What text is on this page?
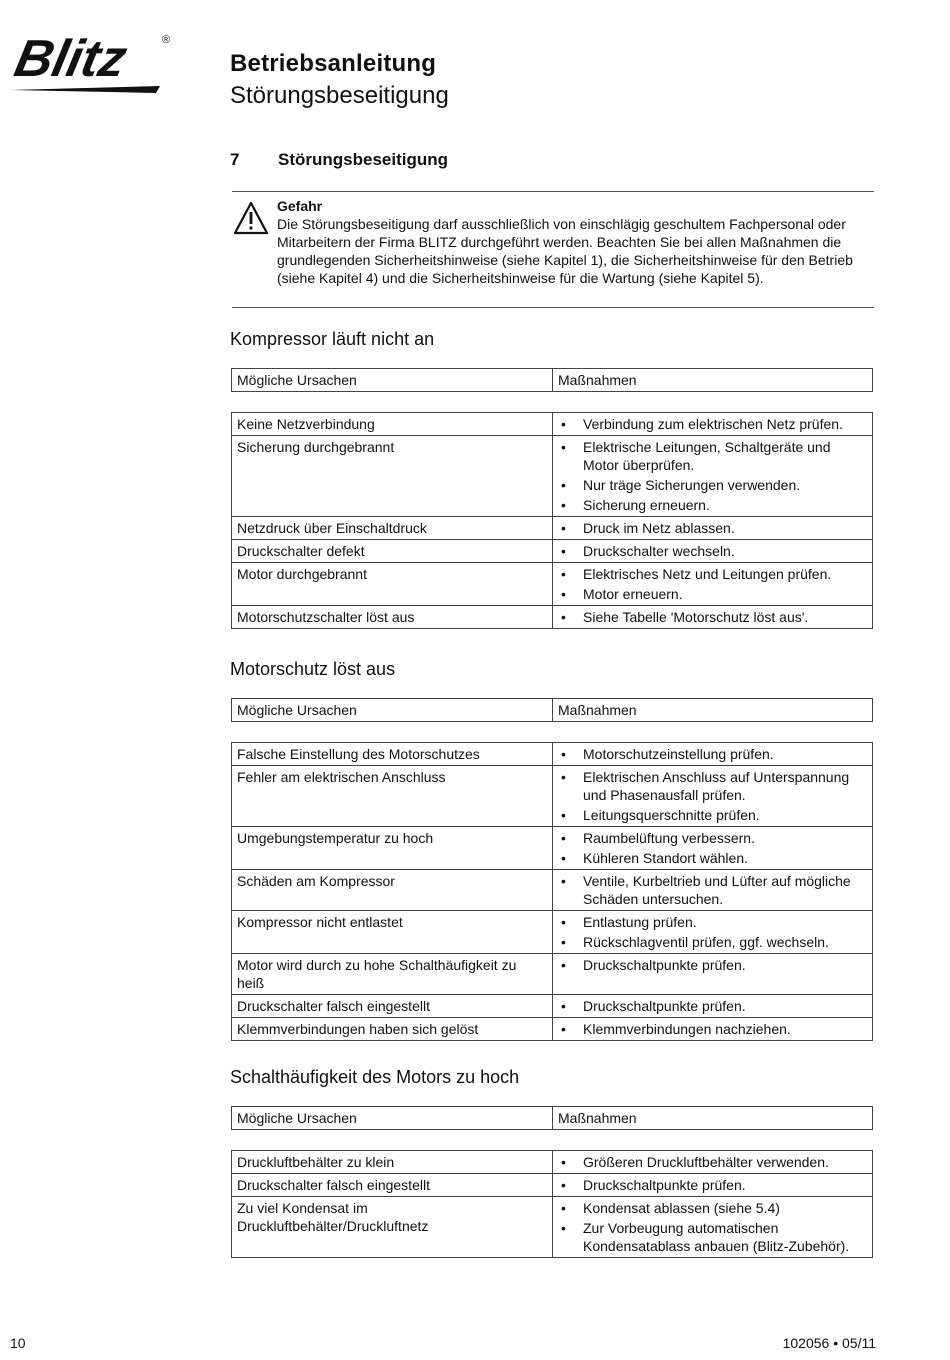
Blitz	®
Betriebsanleitung
Störungsbeseitigung
7 Störungsbeseitigung
Gefahr
Die Störungsbeseitigung darf ausschließlich von einschlägig geschultem Fachpersonal oder Mitarbeitern der Firma BLITZ durchgeführt werden. Beachten Sie bei allen Maßnahmen die grundlegenden Sicherheitshinweise (siehe Kapitel 1), die Sicherheitshinweise für den Betrieb (siehe Kapitel 4) und die Sicherheitshinweise für die Wartung (siehe Kapitel 5).
Kompressor läuft nicht an
Mögliche Ursachen	Maßnahmen
Keine Netzverbindung	• Verbindung zum elektrischen Netz prüfen.

Sicherung durchgebrannt	• Elektrische Leitungen, Schaltgeräte und Motor überprüfen.
• Nur träge Sicherungen verwenden.
• Sicherung erneuern.

Netzdruck über Einschaltdruck	• Druck im Netz ablassen.

Druckschalter defekt	• Druckschalter wechseln.

Motor durchgebrannt	• Elektrisches Netz und Leitungen prüfen.
• Motor erneuern.

Motorschutzschalter löst aus	• Siehe Tabelle 'Motorschutz löst aus'.
Motorschutz löst aus
Mögliche Ursachen	Maßnahmen
Falsche Einstellung des Motorschutzes	• Motorschutzeinstellung prüfen.

Fehler am elektrischen Anschluss	• Elektrischen Anschluss auf Unterspannung und Phasenausfall prüfen.
• Leitungsquerschnitte prüfen.

Umgebungstemperatur zu hoch	• Raumbelüftung verbessern.
• Kühleren Standort wählen.

Schäden am Kompressor	• Ventile, Kurbeltrieb und Lüfter auf mögliche Schäden untersuchen.

Kompressor nicht entlastet	• Entlastung prüfen.
• Rückschlagventil prüfen, ggf. wechseln.

Motor wird durch zu hohe Schalthäufigkeit zu heiß	• Druckschaltpunkte prüfen.

Druckschalter falsch eingestellt	• Druckschaltpunkte prüfen.

Klemmverbindungen haben sich gelöst	• Klemmverbindungen nachziehen.
Schalthäufigkeit des Motors zu hoch
Mögliche Ursachen	Maßnahmen
Druckluftbehälter zu klein	• Größeren Druckluftbehälter verwenden.

Druckschalter falsch eingestellt	• Druckschaltpunkte prüfen.

Zu viel Kondensat im Druckluftbehälter/Druckluftnetz	• Kondensat ablassen (siehe 5.4)
• Zur Vorbeugung automatischen Kondensatablass anbauen (Blitz-Zubehör).
10	102056 • 05/11
